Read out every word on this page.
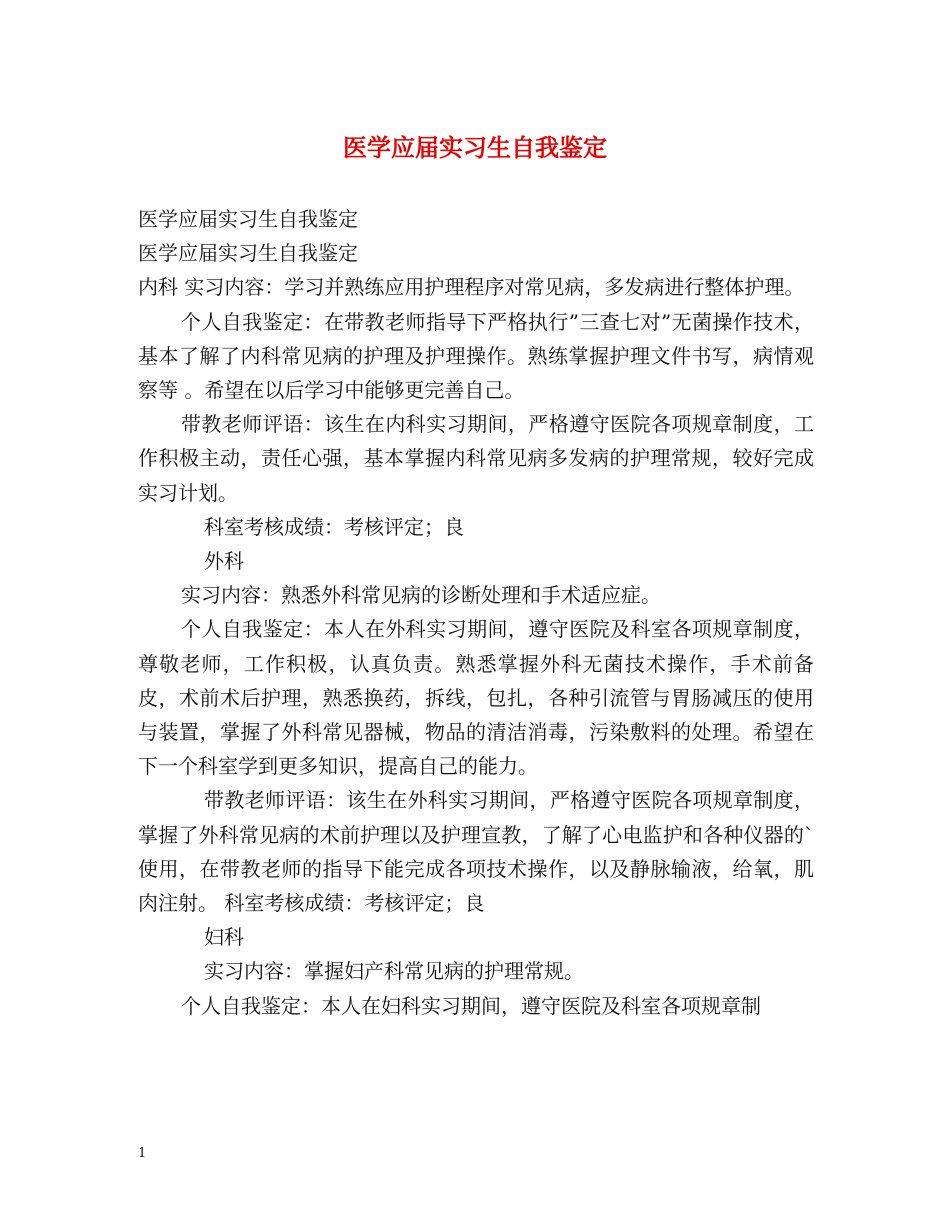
医学应届实习生自我鉴定

医学应届实习生自我鉴定

医学应届实习生自我鉴定

内科 实习内容：学习并熟练应用护理程序对常见病，多发病进行整体护理。

个人自我鉴定：在带教老师指导下严格执行”三查七对”无菌操作技术，基本了解了内科常见病的护理及护理操作。熟练掌握护理文件书写，病情观察等 。希望在以后学习中能够更完善自己。

带教老师评语：该生在内科实习期间，严格遵守医院各项规章制度，工作积极主动，责任心强，基本掌握内科常见病多发病的护理常规，较好完成实习计划。

科室考核成绩：考核评定；良

外科

实习内容：熟悉外科常见病的诊断处理和手术适应症。

个人自我鉴定：本人在外科实习期间，遵守医院及科室各项规章制度，尊敬老师，工作积极，认真负责。熟悉掌握外科无菌技术操作，手术前备皮，术前术后护理，熟悉换药，拆线，包扎，各种引流管与胃肠减压的使用与装置，掌握了外科常见器械，物品的清洁消毒，污染敷料的处理。希望在下一个科室学到更多知识，提高自己的能力。

带教老师评语：该生在外科实习期间，严格遵守医院各项规章制度，掌握了外科常见病的术前护理以及护理宣教，了解了心电监护和各种仪器的`使用，在带教老师的指导下能完成各项技术操作，以及静脉输液，给氧，肌肉注射。 科室考核成绩：考核评定；良

妇科

实习内容：掌握妇产科常见病的护理常规。

个人自我鉴定：本人在妇科实习期间，遵守医院及科室各项规章制

1
